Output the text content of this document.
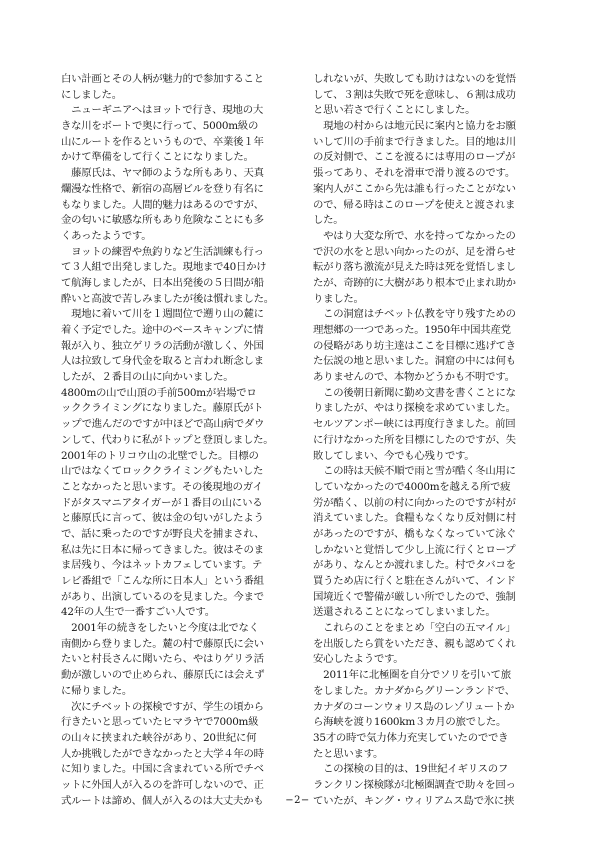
白い計画とその人柄が魅力的で参加すること
にしました。
　ニューギニアへはヨットで行き、現地の大
きな川をボートで奥に行って、5000m級の
山にルートを作るというもので、卒業後１年
かけて準備をして行くことになりました。
　藤原氏は、ヤマ師のような所もあり、天真
爛漫な性格で、新宿の高層ビルを登り有名に
もなりました。人間的魅力はあるのですが、
金の匂いに敏感な所もあり危険なことにも多
くあったようです。
　ヨットの練習や魚釣りなど生活訓練も行っ
て３人組で出発しました。現地まで40日かけ
て航海しましたが、日本出発後の５日間が船
酔いと高波で苦しみましたが後は慣れました。
　現地に着いて川を１週間位で遡り山の麓に
着く予定でした。途中のベースキャンプに情
報が入り、独立ゲリラの活動が激しく、外国
人は拉致して身代金を取ると言われ断念しま
したが、２番目の山に向かいました。
4800mの山で山頂の手前500mが岩場でロ
ッククライミングになりました。藤原氏がト
ップで進んだのですが中ほどで高山病でダウ
ンして、代わりに私がトップと登頂しました。
2001年のトリコウ山の北壁でした。目標の
山ではなくてロッククライミングもたいした
ことなかったと思います。その後現地のガイ
ドがタスマニアタイガーが１番目の山にいる
と藤原氏に言って、彼は金の匂いがしたよう
で、話に乗ったのですが野良犬を捕まされ、
私は先に日本に帰ってきました。彼はそのま
ま居残り、今はネットカフェしています。テ
レビ番組で「こんな所に日本人」という番組
があり、出演しているのを見ました。今まで
42年の人生で一番すごい人です。
　2001年の続きをしたいと今度は北でなく
南側から登りました。麓の村で藤原氏に会い
たいと村長さんに聞いたら、やはりゲリラ活
動が激しいので止められ、藤原氏には会えず
に帰りました。
　次にチベットの探検ですが、学生の頃から
行きたいと思っていたヒマラヤで7000m級
の山々に挟まれた峡谷があり、20世紀に何
人か挑戦したができなかったと大学４年の時
に知りました。中国に含まれている所でチベ
ットに外国人が入るのを許可しないので、正
式ルートは諦め、個人が入るのは大丈夫かも
しれないが、失敗しても助けはないのを覚悟
して、３割は失敗で死を意味し、６割は成功
と思い若さで行くことにしました。
　現地の村からは地元民に案内と協力をお願
いして川の手前まで行きました。目的地は川
の反対側で、ここを渡るには専用のロープが
張ってあり、それを滑車で滑り渡るのです。
案内人がここから先は誰も行ったことがない
ので、帰る時はこのロープを使えと渡されま
した。
　やはり大変な所で、水を持ってなかったの
で沢の水をと思い向かったのが、足を滑らせ
転がり落ち激流が見えた時は死を覚悟しまし
たが、奇跡的に大樹があり根本で止まれ助か
りました。
　この洞窟はチベット仏教を守り残すための
理想郷の一つであった。1950年中国共産党
の侵略があり坊主達はここを目標に逃げてき
た伝説の地と思いました。洞窟の中には何も
ありませんので、本物かどうかも不明です。
　この後朝日新聞に勤め文書を書くことにな
りましたが、やはり探検を求めていました。
セルツアンポー峡には再度行きました。前回
に行けなかった所を目標にしたのですが、失
敗してしまい、今でも心残りです。
　この時は天候不順で雨と雪が酷く冬山用に
していなかったので4000mを越える所で疲
労が酷く、以前の村に向かったのですが村が
消えていました。食糧もなくなり反対側に村
があったのですが、橋もなくなっていて泳ぐ
しかないと覚悟して少し上流に行くとロープ
があり、なんとか渡れました。村でタバコを
買うため店に行くと駐在さんがいて、インド
国境近くで警備が厳しい所でしたので、強制
送還されることになってしまいました。
　これらのことをまとめ「空白の五マイル」
を出版したら賞をいただき、親も認めてくれ
安心したようです。
　2011年に北極圏を自分でソリを引いて旅
をしました。カナダからグリーンランドで、
カナダのコーンウォリス島のレゾリュートか
ら海峡を渡り1600km３カ月の旅でした。
35才の時で気力体力充実していたのででき
たと思います。
　この探検の目的は、19世紀イギリスのフ
ランクリン探検隊が北極圏調査で助々を回っ
ていたが、キング・ウィリアムス島で氷に挟
−2−
